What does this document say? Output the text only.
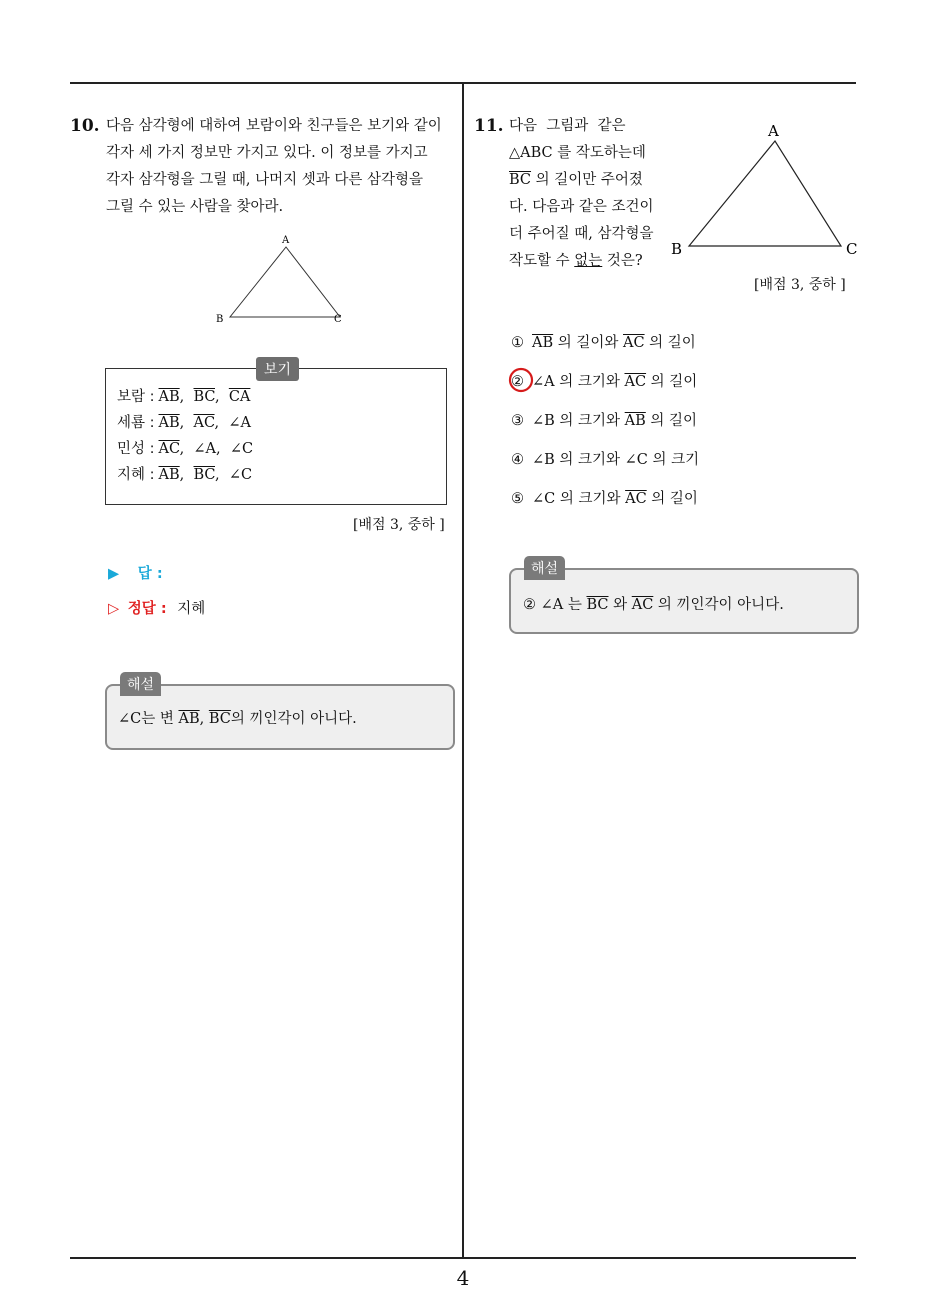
4
10. 다음 삼각형에 대하여 보람이와 친구들은 보기와 같이
각자 세 가지 정보만 가지고 있다. 이 정보를 가지고
각자 삼각형을 그릴 때, 나머지 셋과 다른 삼각형을
그릴 수 있는 사람을 찾아라.
A
B	C
보람 : $\overline{AB}$,  $\overline{BC}$,  $\overline{CA}$
세룜 : $\overline{AB}$,  $\overline{AC}$,  ∠A
민성 : $\overline{AC}$,  ∠A,  ∠C
지혜 : $\overline{AB}$,  $\overline{BC}$,  ∠C
보기
[배점 3, 중하 ]
▶ 답 :
▷ 정답 : 지혜
∠C는 변 $\overline{AB}$, $\overline{BC}$의 끼인각이 아니다.
해설
11. 다음  그림과  같은
△ABC 를 작도하는데
$\overline{BC}$ 의 길이만 주어졌
다. 다음과 같은 조건이
더 주어질 때, 삼각형을
작도할 수 없는 것은?
A
B	C
[배점 3, 중하 ]
① $\overline{AB}$ 의 길이와 $\overline{AC}$ 의 길이
② ∠A 의 크기와 $\overline{AC}$ 의 길이
③ ∠B 의 크기와 $\overline{AB}$ 의 길이
④ ∠B 의 크기와 ∠C 의 크기
⑤ ∠C 의 크기와 $\overline{AC}$ 의 길이
② ∠A 는 $\overline{BC}$ 와 $\overline{AC}$ 의 끼인각이 아니다.
해설
